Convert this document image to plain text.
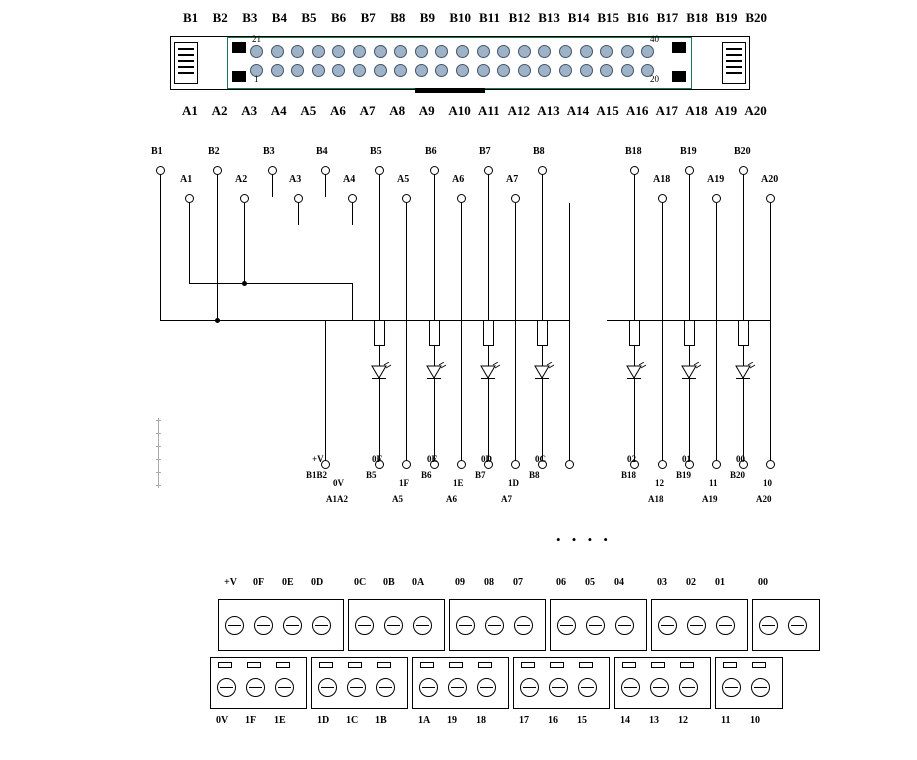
B1 B2 B3 B4 B5 B6 B7 B8 B9 B10 B11 B12 B13 B14 B15 B16 B17 B18 B19 B20
21	40
1	20
A1 A2 A3 A4 A5 A6 A7 A8 A9 A10 A11 A12 A13 A14 A15 A16 A17 A18 A19 A20
B1	B2	B3	B4	B5	B6	B7	B8	B18	B19	B20
A1	A2	A3	A4	A5	A6	A7	A18	A19	A20
+V
B1B2
0F
B5
0E
B6
0D
B7
0C
B8
02
B18
01
B19
00
B20
0V
A1A2
1F
A5
1E
A6
1D
A7
12
A18
11
A19
10
A20
• • • •
+V 0F 0E 0D	0C 0B 0A	09 08 07	06 05 04	03 02 01	00
0V 1F 1E	1D 1C 1B	1A 19 18	17 16 15	14 13 12	11 10
